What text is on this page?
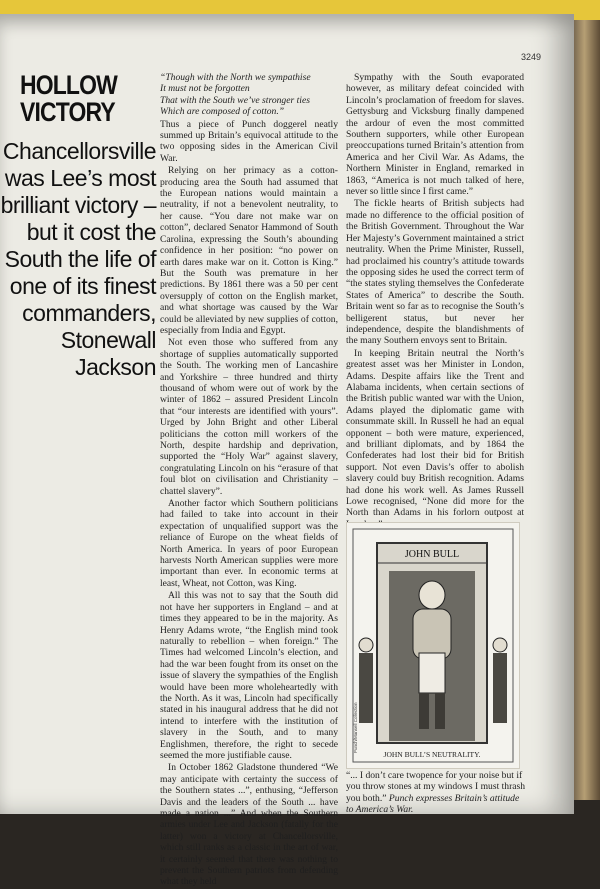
3249
HOLLOW
VICTORY
Chancellorsville was Lee’s most brilliant victory – but it cost the South the life of one of its finest commanders, Stonewall Jackson
“Though with the North we sympathise
It must not be forgotten
That with the South we’ve stronger ties
Which are composed of cotton.”

Thus a piece of Punch doggerel neatly summed up Britain’s equivocal attitude to the two opposing sides in the American Civil War.

Relying on her primacy as a cotton-producing area the South had assumed that the European nations would maintain a neutrality, if not a benevolent neutrality, to her cause. “You dare not make war on cotton”, declared Senator Hammond of South Carolina, expressing the South’s abounding confidence in her position: “no power on earth dares make war on it. Cotton is King.” But the South was premature in her predictions. By 1861 there was a 50 per cent oversupply of cotton on the English market, and what shortage was caused by the War could be alleviated by new supplies of cotton, especially from India and Egypt.

Not even those who suffered from any shortage of supplies automatically supported the South. The working men of Lancashire and Yorkshire – three hundred and thirty thousand of whom were out of work by the winter of 1862 – assured President Lincoln that “our interests are identified with yours”. Urged by John Bright and other Liberal politicians the cotton mill workers of the North, despite hardship and deprivation, supported the “Holy War” against slavery, congratulating Lincoln on his “erasure of that foul blot on civilisation and Christianity – chattel slavery”.

Another factor which Southern politicians had failed to take into account in their expectation of unqualified support was the reliance of Europe on the wheat fields of North America. In years of poor European harvests North American supplies were more important than ever. In economic terms at least, Wheat, not Cotton, was King.

All this was not to say that the South did not have her supporters in England – and at times they appeared to be in the majority. As Henry Adams wrote, “the English mind took naturally to rebellion – when foreign.” The Times had welcomed Lincoln’s election, and had the war been fought from its onset on the issue of slavery the sympathies of the English would have been more wholeheartedly with the North. As it was, Lincoln had specifically stated in his inaugural address that he did not intend to interfere with the institution of slavery in the South, and to many Englishmen, therefore, the right to secede seemed the more justifiable cause.

In October 1862 Gladstone thundered “We may anticipate with certainty the success of the Southern states ...”, enthusing, “Jefferson Davis and the leaders of the South ... have made a nation ...” And when the Southern armies under Lee and Jackson (fatally for the latter) won a victory at Chancellorsville, which still ranks as a classic in the art of war, it certainly seemed that there was nothing to prevent the Southern patriots from defending what they held

Sympathy with the South evaporated however, as military defeat coincided with Lincoln’s proclamation of freedom for slaves. Gettysburg and Vicksburg finally dampened the ardour of even the most committed Southern supporters, while other European preoccupations turned Britain’s attention from America and her Civil War. As Adams, the Northern Minister in England, remarked in 1863, “America is not much talked of here, never so little since I first came.”

The fickle hearts of British subjects had made no difference to the official position of the British Government. Throughout the War Her Majesty’s Government maintained a strict neutrality. When the Prime Minister, Russell, had proclaimed his country’s attitude towards the opposing sides he used the correct term of “the states styling themselves the Confederate States of America” to describe the South. Britain went so far as to recognise the South’s belligerent status, but never her independence, despite the blandishments of the many Southern envoys sent to Britain.

In keeping Britain neutral the North’s greatest asset was her Minister in London, Adams. Despite affairs like the Trent and Alabama incidents, when certain sections of the British public wanted war with the Union, Adams played the diplomatic game with consummate skill. In Russell he had an equal opponent – both were mature, experienced, and brilliant diplomats, and by 1864 the Confederates had lost their bid for British support. Not even Davis’s offer to abolish slavery could buy British recognition. Adams had done his work well. As James Russell Lowe recognised, “None did more for the North than Adams in his forlorn outpost at

JOHN BULL
JOHN BULL’S NEUTRALITY.
Punch/Mansell Collection
“... I don’t care twopence for your noise but if you throw stones at my windows I must thrash you both.” Punch expresses Britain’s attitude to America’s War.
